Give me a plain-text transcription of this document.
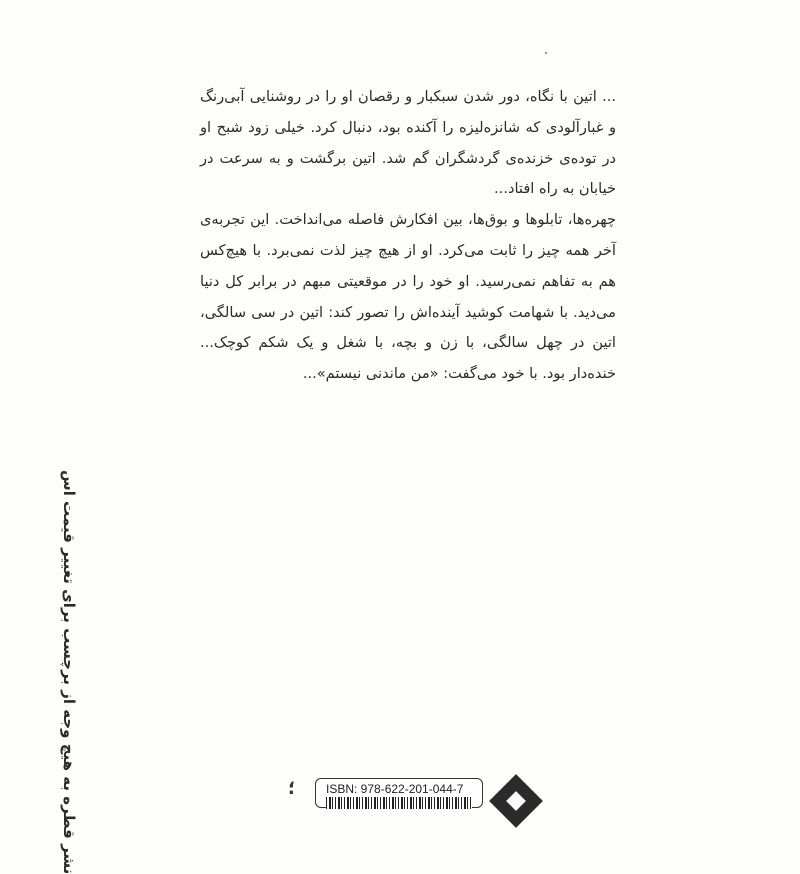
... اتین با نگاه، دور شدن سبکبار و رقصان او را در روشنایی آبی‌رنگ و غبارآلودی که شانزه‌لیزه را آکنده بود، دنبال کرد. خیلی زود شبح او در توده‌ی خزنده‌ی گردشگران گم شد. اتین برگشت و به سرعت در خیابان به راه افتاد...

چهره‌ها، تابلوها و بوق‌ها، بین افکارش فاصله می‌انداخت. این تجربه‌ی آخر همه چیز را ثابت می‌کرد. او از هیچ چیز لذت نمی‌برد. با هیچ‌کس هم به تفاهم نمی‌رسید. او خود را در موقعیتی مبهم در برابر کل دنیا می‌دید. با شهامت کوشید آینده‌اش را تصور کند: اتین در سی سالگی، اتین در چهل سالگی، با زن و بچه، با شغل و یک شکم کوچک... خنده‌دار بود. با خود می‌گفت: «من ماندنی نیستم»...

نشر قطره به هیچ وجه از برچسب برای تغییر قیمت اس	؛	ISBN: 978-622-201-044-7
